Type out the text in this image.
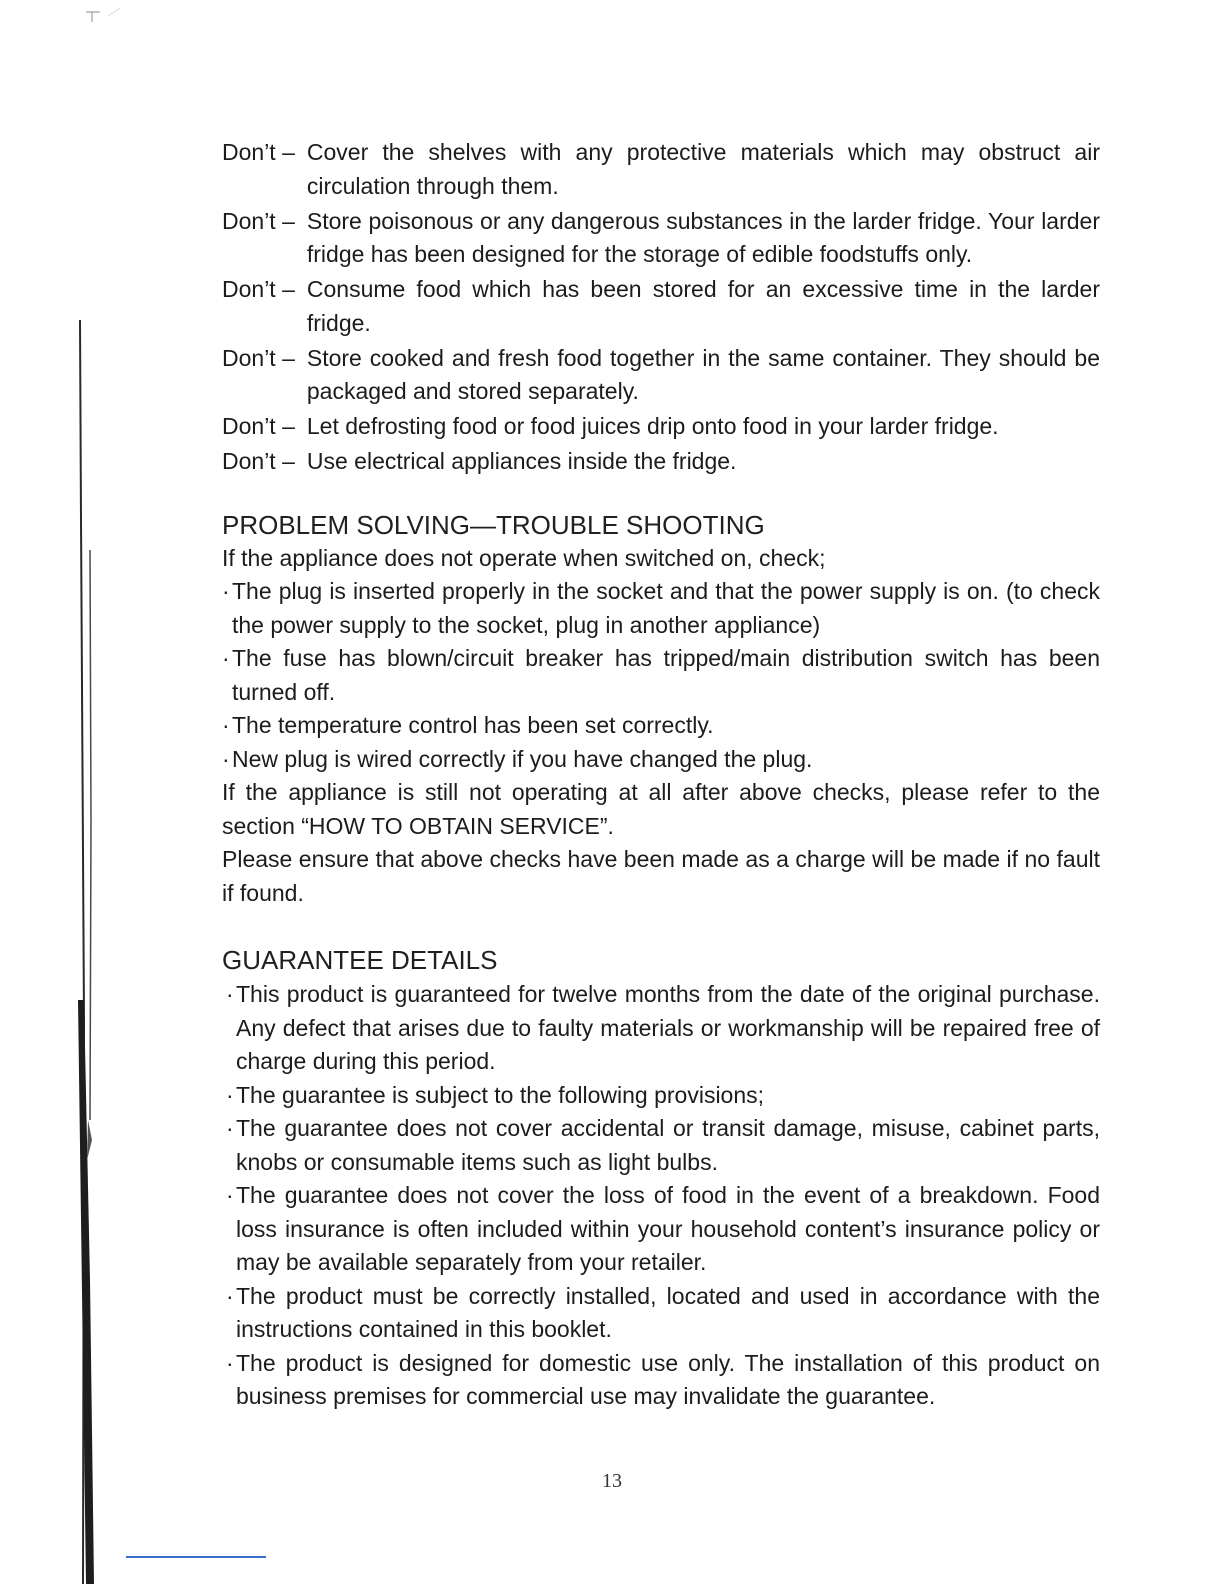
Don’t – Cover the shelves with any protective materials which may obstruct air circulation through them.
Don’t – Store poisonous or any dangerous substances in the larder fridge. Your larder fridge has been designed for the storage of edible foodstuffs only.
Don’t – Consume food which has been stored for an excessive time in the larder fridge.
Don’t – Store cooked and fresh food together in the same container. They should be packaged and stored separately.
Don’t – Let defrosting food or food juices drip onto food in your larder fridge.
Don’t – Use electrical appliances inside the fridge.
PROBLEM SOLVING—TROUBLE SHOOTING

If the appliance does not operate when switched on, check;

· The plug is inserted properly in the socket and that the power supply is on. (to check the power supply to the socket, plug in another appliance)
· The fuse has blown/circuit breaker has tripped/main distribution switch has been turned off.
· The temperature control has been set correctly.
· New plug is wired correctly if you have changed the plug.

If the appliance is still not operating at all after above checks, please refer to the section “HOW TO OBTAIN SERVICE”.

Please ensure that above checks have been made as a charge will be made if no fault if found.

GUARANTEE DETAILS
· This product is guaranteed for twelve months from the date of the original purchase. Any defect that arises due to faulty materials or workmanship will be repaired free of charge during this period.
· The guarantee is subject to the following provisions;
· The guarantee does not cover accidental or transit damage, misuse, cabinet parts, knobs or consumable items such as light bulbs.
· The guarantee does not cover the loss of food in the event of a breakdown. Food loss insurance is often included within your household content’s insurance policy or may be available separately from your retailer.
· The product must be correctly installed, located and used in accordance with the instructions contained in this booklet.
· The product is designed for domestic use only. The installation of this product on business premises for commercial use may invalidate the guarantee.
13
